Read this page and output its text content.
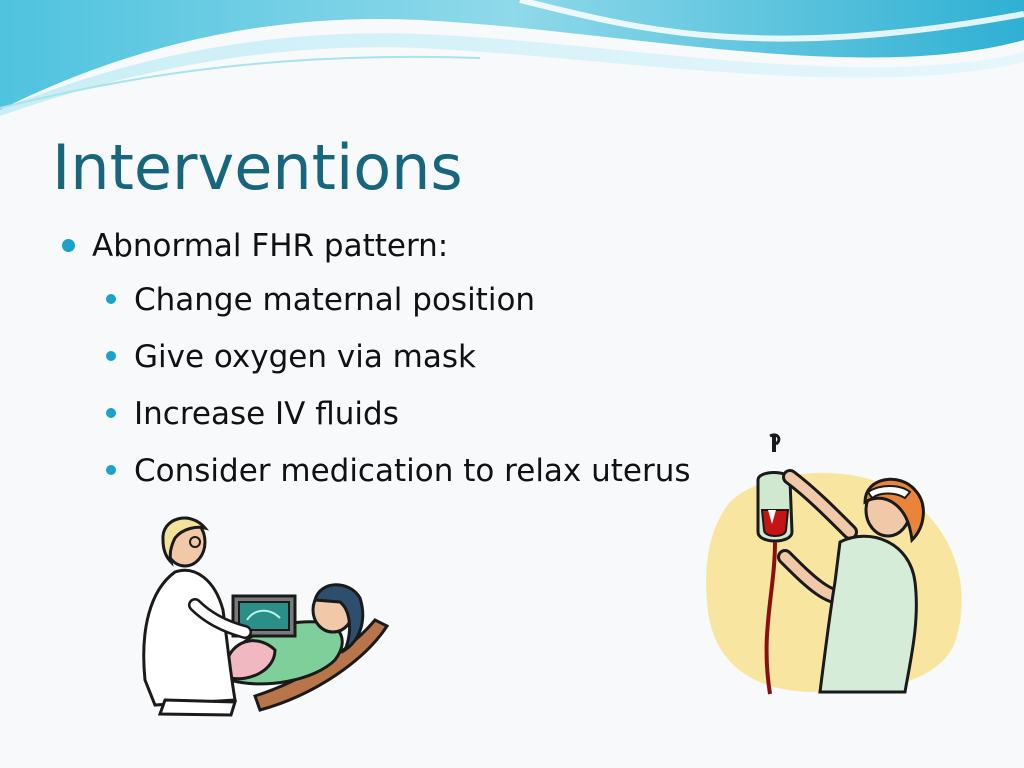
Interventions
Abnormal FHR pattern:
Change maternal position
Give oxygen via mask
Increase IV fluids
Consider medication to relax uterus
